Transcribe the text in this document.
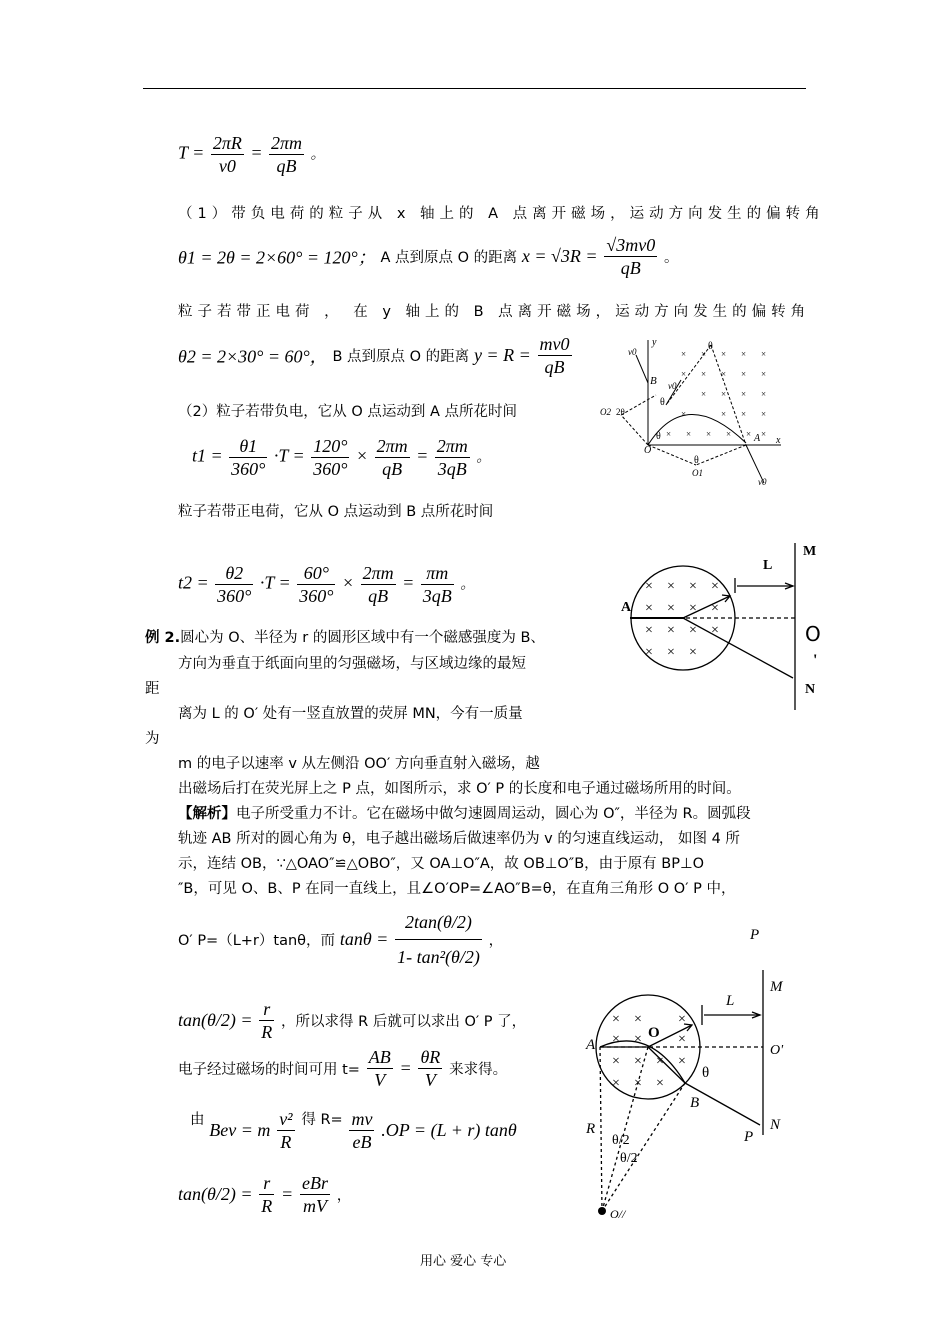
$T = \frac{2\pi R}{v0} = \frac{2\pi m}{qB}$ 。
（1）带负电荷的粒子从 x 轴上的 A 点离开磁场，运动方向发生的偏转角
θ1 = 2θ = 2×60° = 120°； A 点到原点 O 的距离 $x = √3R = \frac{√3mv0}{qB}$ 。
粒子若带正电荷 ， 在 y 轴上的 B 点离开磁场，运动方向发生的偏转角
θ2 = 2×30° = 60°， B 点到原点 O 的距离 $y = R = \frac{mv0}{qB}$
（2）粒子若带负电，它从 O 点运动到 A 点所花时间
$t1 = \frac{\theta 1}{360^\circ} \cdot T = \frac{120^\circ}{360^\circ} \times \frac{2\pi m}{qB} = \frac{2\pi m}{3qB}$ 。
粒子若带正电荷，它从 O 点运动到 B 点所花时间
$t2 = \frac{\theta 2}{360^\circ} \cdot T = \frac{60^\circ}{360^\circ} \times \frac{2\pi m}{qB} = \frac{\pi m}{3qB}$ 。
例 2.圆心为 O、半径为 r 的圆形区域中有一个磁感强度为 B、
方向为垂直于纸面向里的匀强磁场，与区域边缘的最短
距
离为 L 的 O′ 处有一竖直放置的荧屏 MN，今有一质量
为
m 的电子以速率 v 从左侧沿 OO′ 方向垂直射入磁场，越
出磁场后打在荧光屏上之 P 点，如图所示，求 O′ P 的长度和电子通过磁场所用的时间。
【解析】电子所受重力不计。它在磁场中做匀速圆周运动，圆心为 O″，半径为 R。圆弧段
轨迹 AB 所对的圆心角为 θ，电子越出磁场后做速率仍为 v 的匀速直线运动， 如图 4 所
示，连结 OB，∵△OAO″≌△OBO″，又 OA⊥O″A，故 OB⊥O″B，由于原有 BP⊥O
″B，可见 O、B、P 在同一直线上，且∠O′OP=∠AO″B=θ，在直角三角形 O O′ P 中，
O′ P=（L+r）tanθ，而 $\tan\theta = \frac{2\tan(\theta/2)}{\text{1- tan²(θ/2)}}$ ，
$\tan(\theta/2) = \frac{r}{R}$ ，所以求得 R 后就可以求出 O′ P 了，
电子经过磁场的时间可用 $t= \frac{AB}{V} = \frac{\theta R}{V}$ 来求得。
由 Bev = m $\frac{\text{v²}}{R}$ 得 $R= \frac{mv}{eB} .OP = (L + r)$ tanθ
$\tan(\theta/2) = \frac{r}{R} = \frac{\text{eBr}}{mV}$ ，
× × × × ×
× × × × ×
× × × ×
×	× × ×
× × × × × ×
y
v0	θ
B v0
θ
O2 2θ
θ
O
A x
θ
O1
v0
× × × ×
× × × ×
× × × ×
× × ×
L
M
A
O
'
N
× ×	×
× ×	×
× × × ×
× × ×
P
L
M
A
O
O'
θ
B
R	N
P
θ/2
θ/2
O//
用心 爱心 专心
